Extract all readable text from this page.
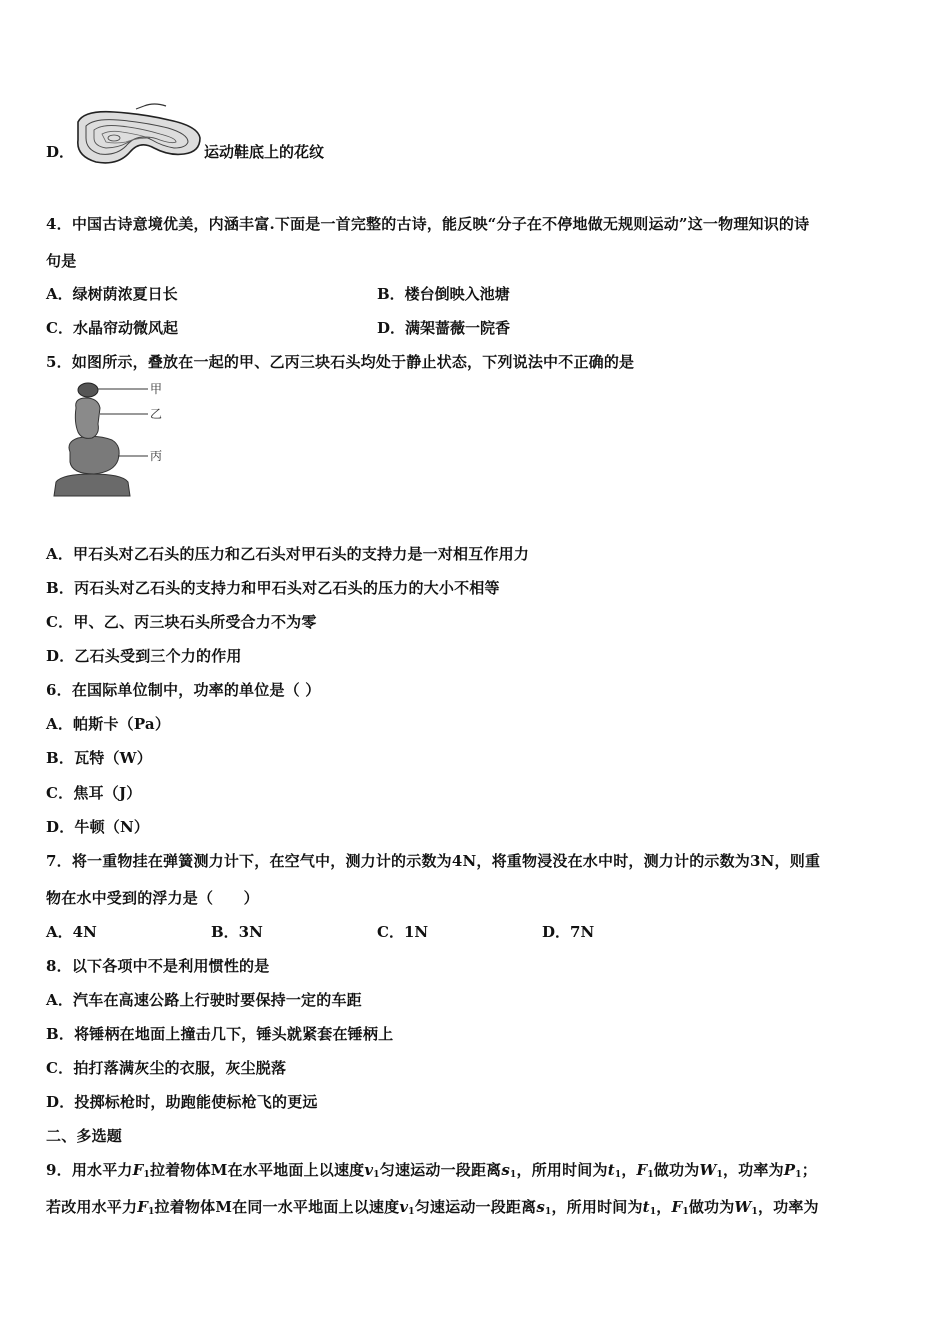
D．	运动鞋底上的花纹
4．中国古诗意境优美，内涵丰富.下面是一首完整的古诗，能反映“分子在不停地做无规则运动”这一物理知识的诗
句是
A．绿树荫浓夏日长	B．楼台倒映入池塘
C．水晶帘动微风起	D．满架蔷薇一院香
5．如图所示，叠放在一起的甲、乙丙三块石头均处于静止状态，下列说法中不正确的是
甲
乙
丙
A．甲石头对乙石头的压力和乙石头对甲石头的支持力是一对相互作用力
B．丙石头对乙石头的支持力和甲石头对乙石头的压力的大小不相等
C．甲、乙、丙三块石头所受合力不为零
D．乙石头受到三个力的作用
6．在国际单位制中，功率的单位是（ ）
A．帕斯卡（Pa）
B．瓦特（W）
C．焦耳（J）
D．牛顿（N）
7．将一重物挂在弹簧测力计下，在空气中，测力计的示数为4N，将重物浸没在水中时，测力计的示数为3N，则重
物在水中受到的浮力是（　　）
A．4N	B．3N	C．1N	D．7N
8．以下各项中不是利用惯性的是
A．汽车在高速公路上行驶时要保持一定的车距
B．将锤柄在地面上撞击几下，锤头就紧套在锤柄上
C．拍打落满灰尘的衣服，灰尘脱落
D．投掷标枪时，助跑能使标枪飞的更远
二、多选题
9．用水平力$F_1$拉着物体M在水平地面上以速度$v_1$匀速运动一段距离$s_1$，所用时间为$t_1$，$F_1$做功为$W_1$，功率为$P_1$；
若改用水平力$F_1$拉着物体M在同一水平地面上以速度$v_1$匀速运动一段距离$s_1$，所用时间为$t_1$，$F_1$做功为$W_1$，功率为
